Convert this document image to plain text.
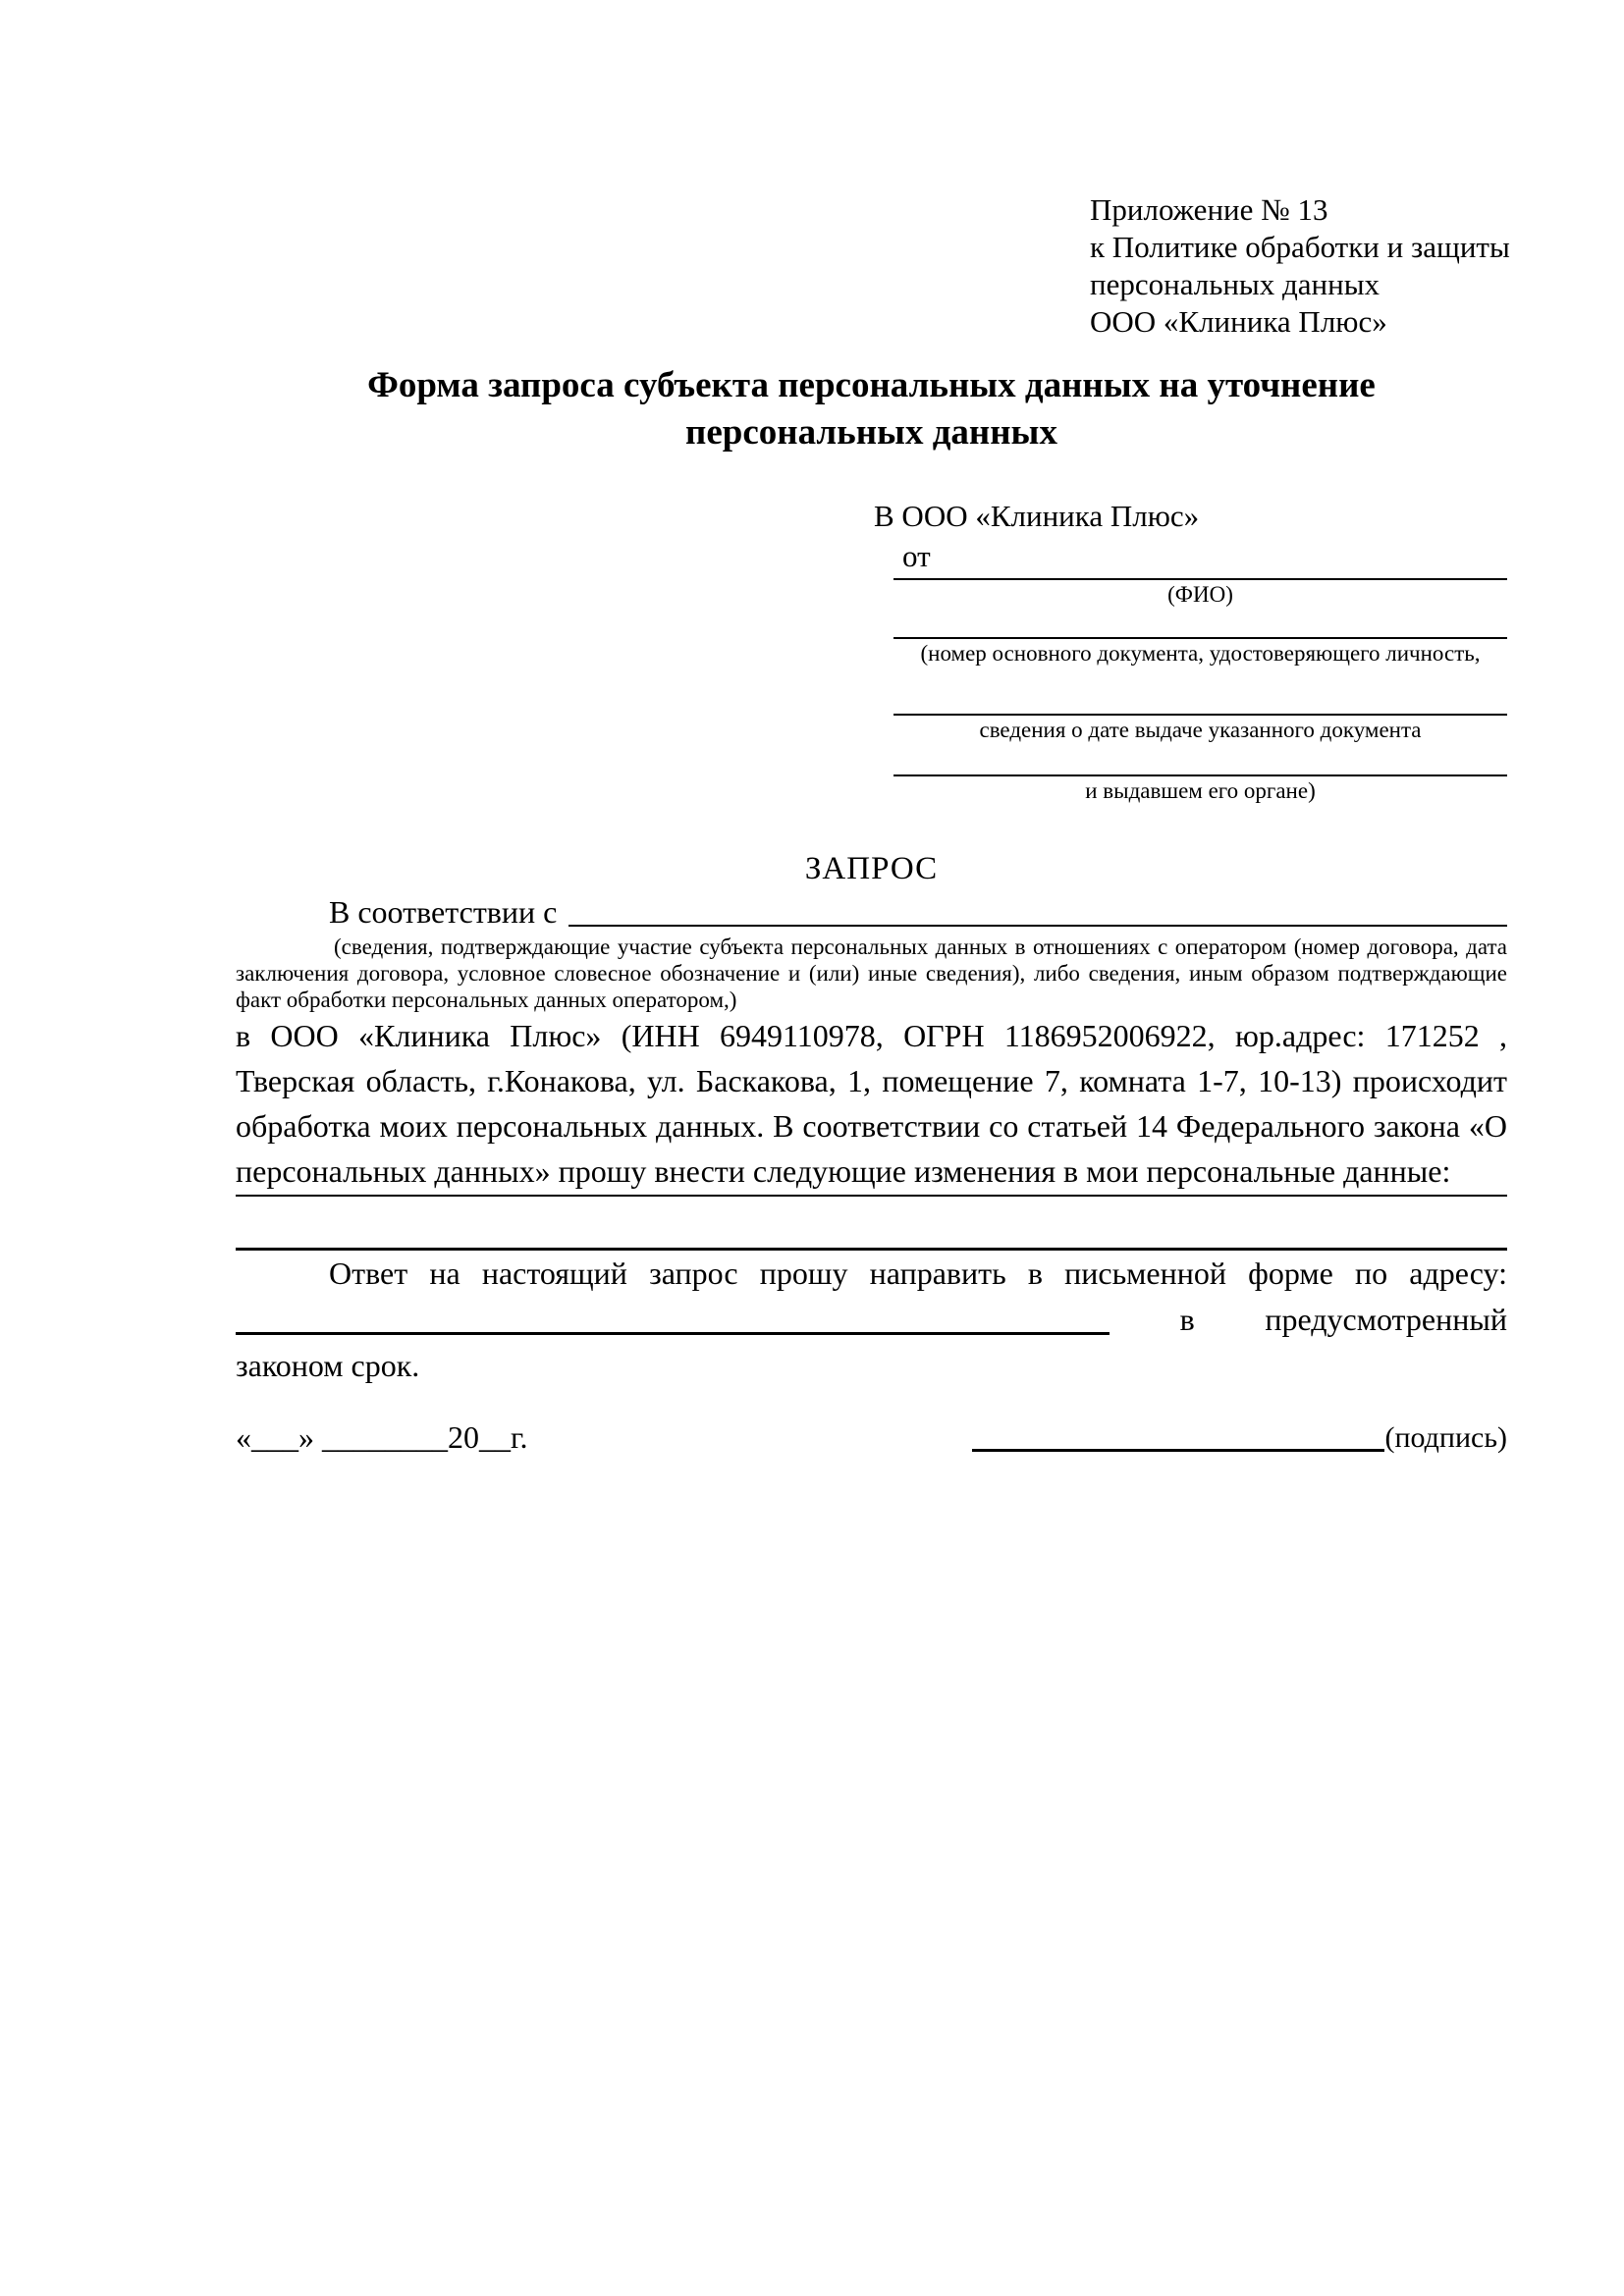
Приложение № 13
к Политике обработки и защиты
персональных данных
ООО «Клиника Плюс»
Форма запроса субъекта персональных данных на уточнение
персональных данных
В ООО «Клиника Плюс»
от
(ФИО)
(номер основного документа, удостоверяющего личность,
сведения о дате выдаче указанного документа
и выдавшем его органе)
ЗАПРОС
В соответствии с
(сведения, подтверждающие участие субъекта персональных данных в отношениях с оператором (номер договора, дата заключения договора, условное словесное обозначение и (или) иные сведения), либо сведения, иным образом подтверждающие факт обработки персональных данных оператором,)
в ООО «Клиника Плюс» (ИНН 6949110978, ОГРН 1186952006922, юр.адрес: 171252 , Тверская область, г.Конакова, ул. Баскакова, 1, помещение 7, комната 1-7, 10-13) происходит обработка моих персональных данных. В соответствии со статьей 14 Федерального закона «О персональных данных» прошу внести следующие изменения в мои персональные данные:

Ответ на настоящий запрос прошу направить в письменной форме по адресу:

в предусмотренный
законом срок.
«___» ________20__г.	(подпись)
